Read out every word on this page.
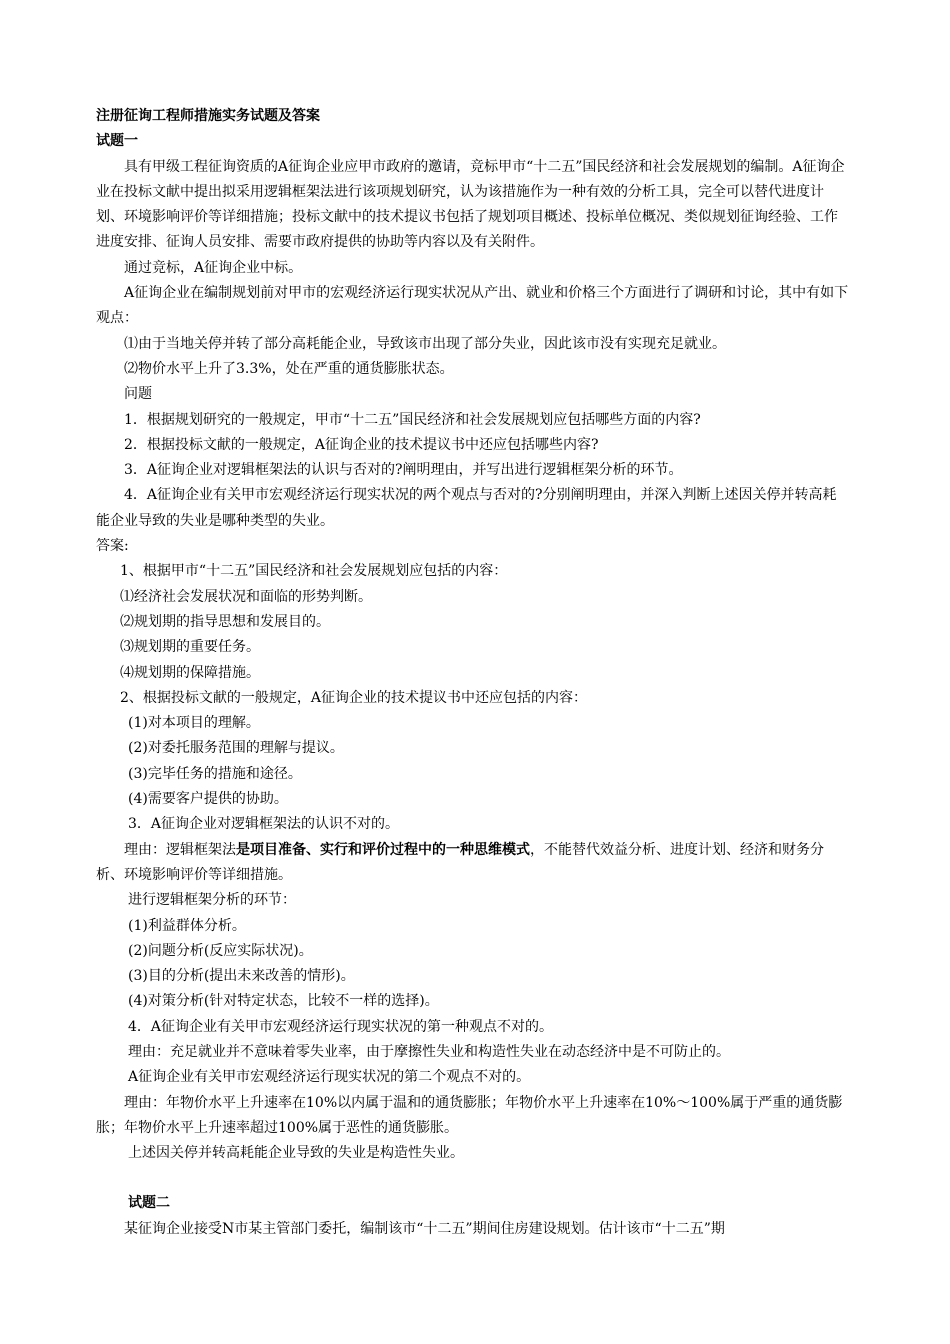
注册征询工程师措施实务试题及答案

试题一

具有甲级工程征询资质的A征询企业应甲市政府的邀请，竞标甲市“十二五”国民经济和社会发展规划的编制。A征询企业在投标文献中提出拟采用逻辑框架法进行该项规划研究，认为该措施作为一种有效的分析工具，完全可以替代进度计划、环境影响评价等详细措施；投标文献中的技术提议书包括了规划项目概述、投标单位概况、类似规划征询经验、工作进度安排、征询人员安排、需要市政府提供的协助等内容以及有关附件。

通过竞标，A征询企业中标。

A征询企业在编制规划前对甲市的宏观经济运行现实状况从产出、就业和价格三个方面进行了调研和讨论，其中有如下观点：

⑴由于当地关停并转了部分高耗能企业，导致该市出现了部分失业，因此该市没有实现充足就业。

⑵物价水平上升了3.3%，处在严重的通货膨胀状态。

问题

1．根据规划研究的一般规定，甲市“十二五”国民经济和社会发展规划应包括哪些方面的内容?

2．根据投标文献的一般规定，A征询企业的技术提议书中还应包括哪些内容?

3．A征询企业对逻辑框架法的认识与否对的?阐明理由，并写出进行逻辑框架分析的环节。

4．A征询企业有关甲市宏观经济运行现实状况的两个观点与否对的?分别阐明理由，并深入判断上述因关停并转高耗能企业导致的失业是哪种类型的失业。

答案:

1、根据甲市“十二五”国民经济和社会发展规划应包括的内容：

⑴经济社会发展状况和面临的形势判断。

⑵规划期的指导思想和发展目的。

⑶规划期的重要任务。

⑷规划期的保障措施。

2、根据投标文献的一般规定，A征询企业的技术提议书中还应包括的内容：

(1)对本项目的理解。

(2)对委托服务范围的理解与提议。

(3)完毕任务的措施和途径。

(4)需要客户提供的协助。

3．A征询企业对逻辑框架法的认识不对的。

理由：逻辑框架法是项目准备、实行和评价过程中的一种思维模式，不能替代效益分析、进度计划、经济和财务分析、环境影响评价等详细措施。

进行逻辑框架分析的环节：

(1)利益群体分析。

(2)问题分析(反应实际状况)。

(3)目的分析(提出未来改善的情形)。

(4)对策分析(针对特定状态，比较不一样的选择)。

4．A征询企业有关甲市宏观经济运行现实状况的第一种观点不对的。

理由：充足就业并不意味着零失业率，由于摩擦性失业和构造性失业在动态经济中是不可防止的。

A征询企业有关甲市宏观经济运行现实状况的第二个观点不对的。

理由：年物价水平上升速率在10%以内属于温和的通货膨胀；年物价水平上升速率在10%～100%属于严重的通货膨胀；年物价水平上升速率超过100%属于恶性的通货膨胀。

上述因关停并转高耗能企业导致的失业是构造性失业。

试题二

某征询企业接受N市某主管部门委托，编制该市“十二五”期间住房建设规划。估计该市“十二五”期
